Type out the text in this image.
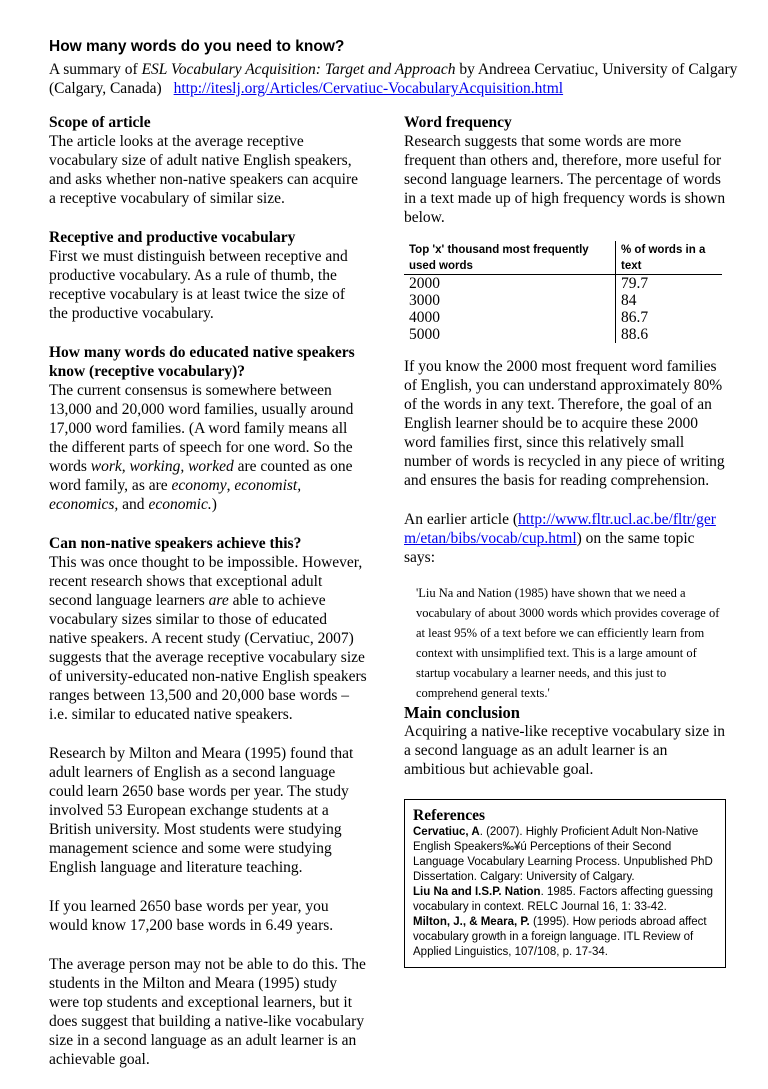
How many words do you need to know?
A summary of ESL Vocabulary Acquisition: Target and Approach by Andreea Cervatiuc, University of Calgary (Calgary, Canada) http://iteslj.org/Articles/Cervatiuc-VocabularyAcquisition.html
Scope of article

The article looks at the average receptive vocabulary size of adult native English speakers, and asks whether non-native speakers can acquire a receptive vocabulary of similar size.

Receptive and productive vocabulary

First we must distinguish between receptive and productive vocabulary. As a rule of thumb, the receptive vocabulary is at least twice the size of the productive vocabulary.

How many words do educated native speakers know (receptive vocabulary)?

The current consensus is somewhere between 13,000 and 20,000 word families, usually around 17,000 word families. (A word family means all the different parts of speech for one word. So the words work, working, worked are counted as one word family, as are economy, economist, economics, and economic.)

Can non-native speakers achieve this?

This was once thought to be impossible. However, recent research shows that exceptional adult second language learners are able to achieve vocabulary sizes similar to those of educated native speakers. A recent study (Cervatiuc, 2007) suggests that the average receptive vocabulary size of university-educated non-native English speakers ranges between 13,500 and 20,000 base words – i.e. similar to educated native speakers.

Research by Milton and Meara (1995) found that adult learners of English as a second language could learn 2650 base words per year. The study involved 53 European exchange students at a British university. Most students were studying management science and some were studying English language and literature teaching.

If you learned 2650 base words per year, you would know 17,200 base words in 6.49 years.

The average person may not be able to do this. The students in the Milton and Meara (1995) study were top students and exceptional learners, but it does suggest that building a native-like vocabulary size in a second language as an adult learner is an achievable goal.

Word frequency

Research suggests that some words are more frequent than others and, therefore, more useful for second language learners. The percentage of words in a text made up of high frequency words is shown below.

Top 'x' thousand most frequently used words	% of words in a text
2000	79.7
3000	84
4000	86.7
5000	88.6

If you know the 2000 most frequent word families of English, you can understand approximately 80% of the words in any text. Therefore, the goal of an English learner should be to acquire these 2000 word families first, since this relatively small number of words is recycled in any piece of writing and ensures the basis for reading comprehension.

An earlier article (http://www.fltr.ucl.ac.be/fltr/germ/etan/bibs/vocab/cup.html) on the same topic says:

'Liu Na and Nation (1985) have shown that we need a vocabulary of about 3000 words which provides coverage of at least 95% of a text before we can efficiently learn from context with unsimplified text. This is a large amount of startup vocabulary a learner needs, and this just to comprehend general texts.'
Main conclusion

Acquiring a native-like receptive vocabulary size in a second language as an adult learner is an ambitious but achievable goal.

References
Cervatiuc, A. (2007). Highly Proficient Adult Non-Native English Speakers‰¥ú Perceptions of their Second Language Vocabulary Learning Process. Unpublished PhD Dissertation. Calgary: University of Calgary.
Liu Na and I.S.P. Nation. 1985. Factors affecting guessing vocabulary in context. RELC Journal 16, 1: 33-42.
Milton, J., & Meara, P. (1995). How periods abroad affect vocabulary growth in a foreign language. ITL Review of Applied Linguistics, 107/108, p. 17-34.
